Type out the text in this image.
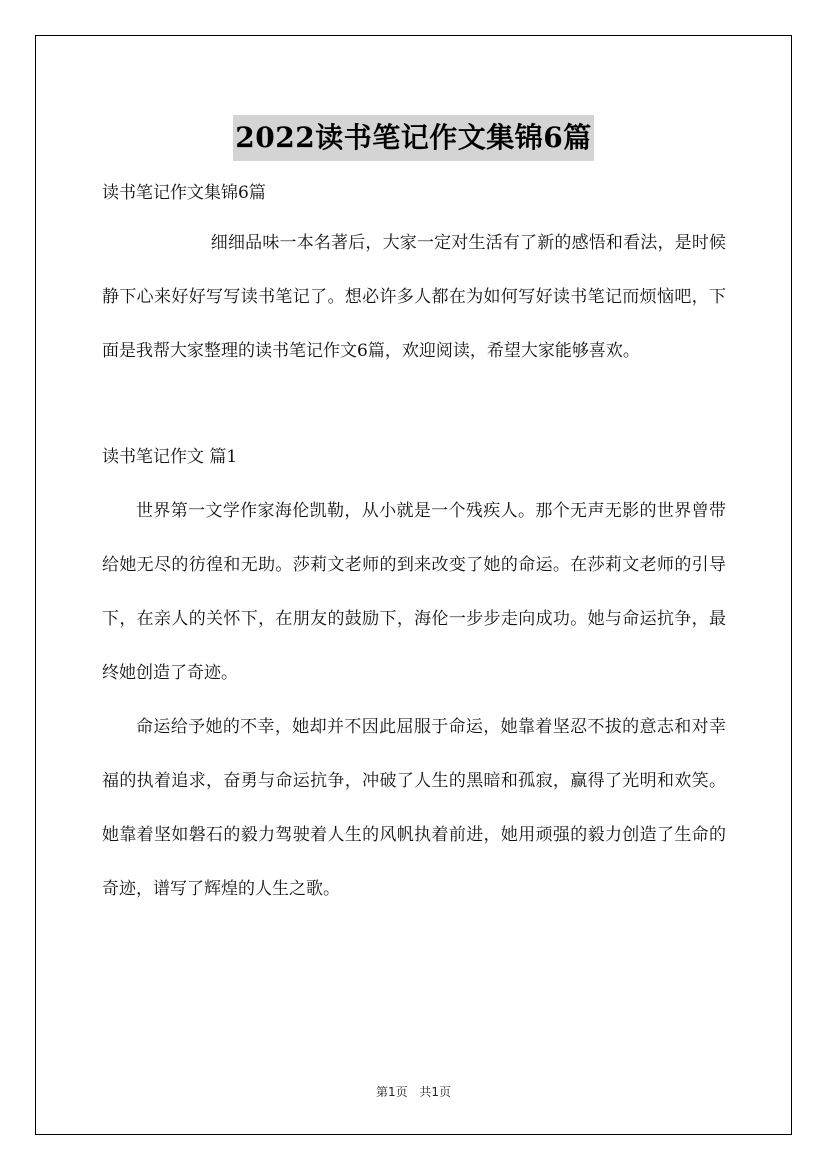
2022读书笔记作文集锦6篇

读书笔记作文集锦6篇

细细品味一本名著后，大家一定对生活有了新的感悟和看法，是时候静下心来好好写写读书笔记了。想必许多人都在为如何写好读书笔记而烦恼吧，下面是我帮大家整理的读书笔记作文6篇，欢迎阅读，希望大家能够喜欢。

读书笔记作文 篇1

世界第一文学作家海伦凯勒，从小就是一个残疾人。那个无声无影的世界曾带给她无尽的彷徨和无助。莎莉文老师的到来改变了她的命运。在莎莉文老师的引导下，在亲人的关怀下，在朋友的鼓励下，海伦一步步走向成功。她与命运抗争，最终她创造了奇迹。

命运给予她的不幸，她却并不因此屈服于命运，她靠着坚忍不拔的意志和对幸福的执着追求，奋勇与命运抗争，冲破了人生的黑暗和孤寂，赢得了光明和欢笑。她靠着坚如磐石的毅力驾驶着人生的风帆执着前进，她用顽强的毅力创造了生命的奇迹，谱写了辉煌的人生之歌。

第1页 共1页
